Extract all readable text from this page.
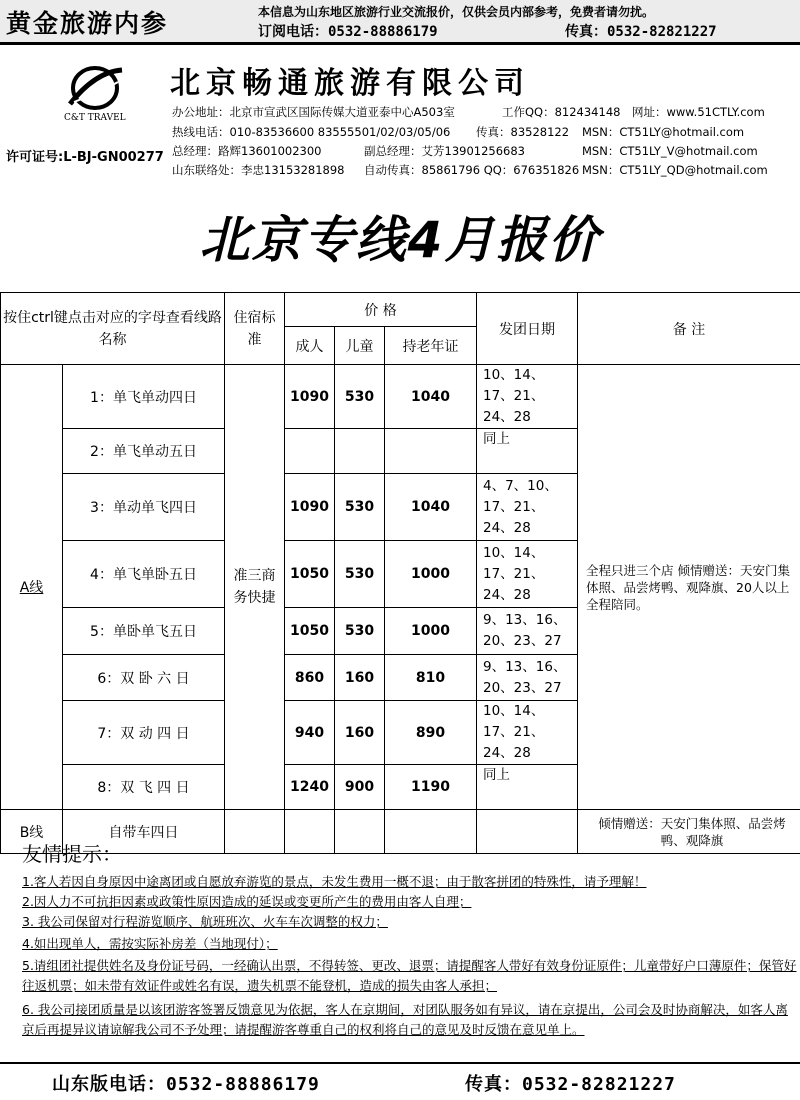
黄金旅游内参	本信息为山东地区旅游行业交流报价，仅供会员内部参考，免费者请勿扰。
订阅电话：0532-88886179	传真：0532-82821227
C&T TRAVEL
许可证号:L-BJ-GN00277
北京畅通旅游有限公司
办公地址：北京市宣武区国际传媒大道亚泰中心A503室	工作QQ：812434148 网址：www.51CTLY.com
热线电话：010-83536600 83555501/02/03/05/06 传真：83528122 MSN：CT51LY@hotmail.com
总经理：路辉13601002300	副总经理：艾芳13901256683	MSN：CT51LY_V@hotmail.com
山东联络处：李忠13153281898 自动传真：85861796 QQ：676351826 MSN：CT51LY_QD@hotmail.com
北京专线4月报价
按住ctrl键点击对应的字母查看线路名称		住宿标准	价 格			发团日期	备 注
			成人	儿童	持老年证		
A线	1：单飞单动四日	准三商务快捷	1090	530	1040	10、14、17、21、24、28	全程只进三个店 倾情赠送：天安门集体照、品尝烤鸭、观降旗、20人以上全程陪同。
	2：单飞单动五日					同上	
	3：单动单飞四日		1090	530	1040	4、7、10、17、21、24、28	
	4：单飞单卧五日		1050	530	1000	10、14、17、21、24、28	
	5：单卧单飞五日		1050	530	1000	9、13、16、20、23、27	
	6：双 卧 六 日		860	160	810	9、13、16、20、23、27	
	7：双 动 四 日		940	160	890	10、14、17、21、24、28	
	8：双 飞 四 日		1240	900	1190	同上	
B线	自带车四日						倾情赠送：天安门集体照、品尝烤鸭、观降旗
友情提示：
1.客人若因自身原因中途离团或自愿放弃游览的景点，未发生费用一概不退；由于散客拼团的特殊性，请予理解！
2.因人力不可抗拒因素或政策性原因造成的延误或变更所产生的费用由客人自理；
3. 我公司保留对行程游览顺序、航班班次、火车车次调整的权力；
4.如出现单人，需按实际补房差（当地现付）；
5.请组团社提供姓名及身份证号码，一经确认出票，不得转签、更改、退票；请提醒客人带好有效身份证原件；儿童带好户口薄原件；保管好往返机票；如未带有效证件或姓名有误，遗失机票不能登机，造成的损失由客人承担；
6. 我公司接团质量是以该团游客签署反馈意见为依据，客人在京期间，对团队服务如有异议，请在京提出，公司会及时协商解决，如客人离京后再提异议请谅解我公司不予处理；请提醒游客尊重自己的权利将自己的意见及时反馈在意见单上。
山东版电话：0532-88886179	传真：0532-82821227
